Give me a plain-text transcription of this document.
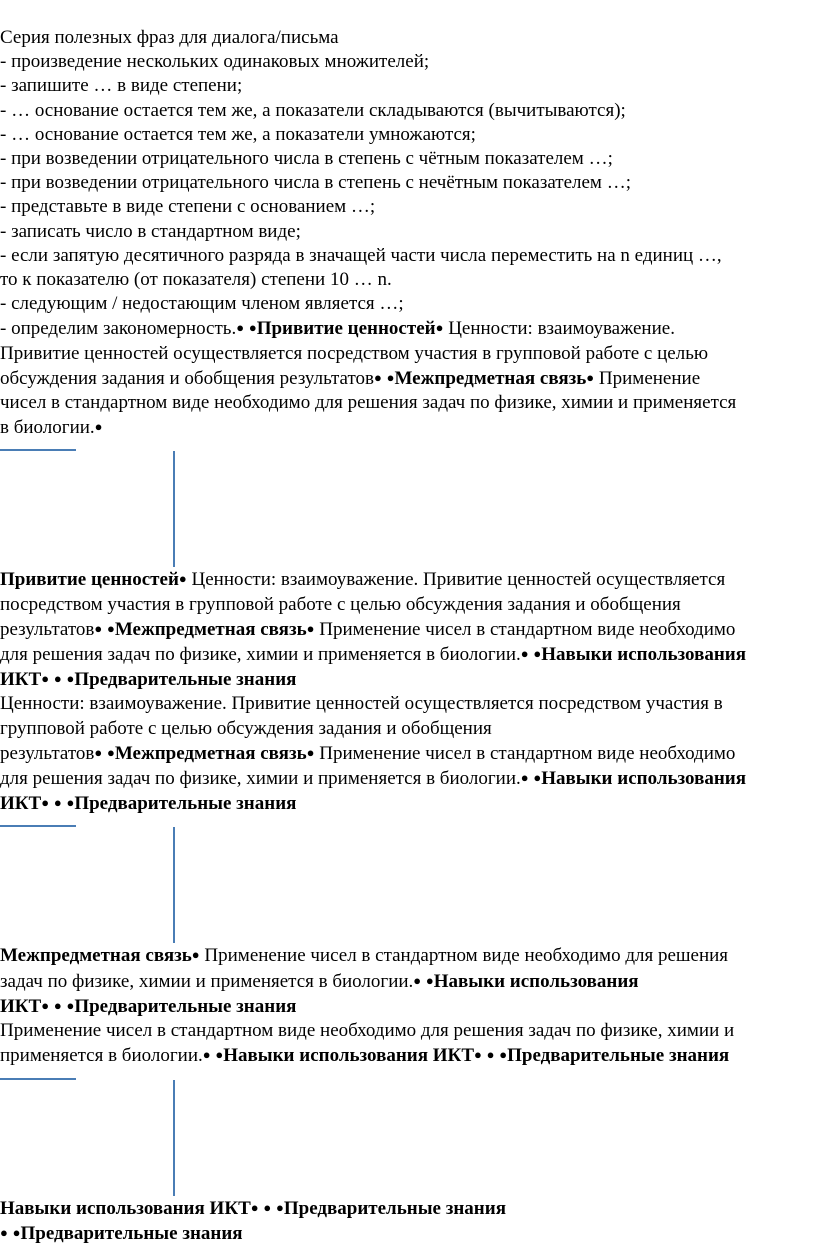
Серия полезных фраз для диалога/письма

- произведение нескольких одинаковых множителей;

- запишите … в виде степени;

- … основание остается тем же, а показатели складываются (вычитываются);

- … основание остается тем же, а показатели умножаются;

- при возведении отрицательного числа в степень с чётным показателем …;

- при возведении отрицательного числа в степень с нечётным показателем …;

- представьте в виде степени с основанием …;

- записать число в стандартном виде;

- если запятую десятичного разряда в значащей части числа переместить на n единиц …,

то к показателю (от показателя) степени 10 … n.

- следующим / недостающим членом является …;

- определим закономерность.● ●Привитие ценностей● Ценности: взаимоуважение.

Привитие ценностей осуществляется посредством участия в групповой работе с целью

обсуждения задания и обобщения результатов● ●Межпредметная связь● Применение

чисел в стандартном виде необходимо для решения задач по физике, химии и применяется

в биологии.●

Привитие ценностей● Ценности: взаимоуважение. Привитие ценностей осуществляется

посредством участия в групповой работе с целью обсуждения задания и обобщения

результатов● ●Межпредметная связь● Применение чисел в стандартном виде необходимо

для решения задач по физике, химии и применяется в биологии.● ●Навыки использования

ИКТ● ● ●Предварительные знания

Ценности: взаимоуважение. Привитие ценностей осуществляется посредством участия в

групповой работе с целью обсуждения задания и обобщения

результатов● ●Межпредметная связь● Применение чисел в стандартном виде необходимо

для решения задач по физике, химии и применяется в биологии.● ●Навыки использования

ИКТ● ● ●Предварительные знания

Межпредметная связь● Применение чисел в стандартном виде необходимо для решения

задач по физике, химии и применяется в биологии.● ●Навыки использования

ИКТ● ● ●Предварительные знания

Применение чисел в стандартном виде необходимо для решения задач по физике, химии и

применяется в биологии.● ●Навыки использования ИКТ● ● ●Предварительные знания

Навыки использования ИКТ● ● ●Предварительные знания

● ●Предварительные знания
